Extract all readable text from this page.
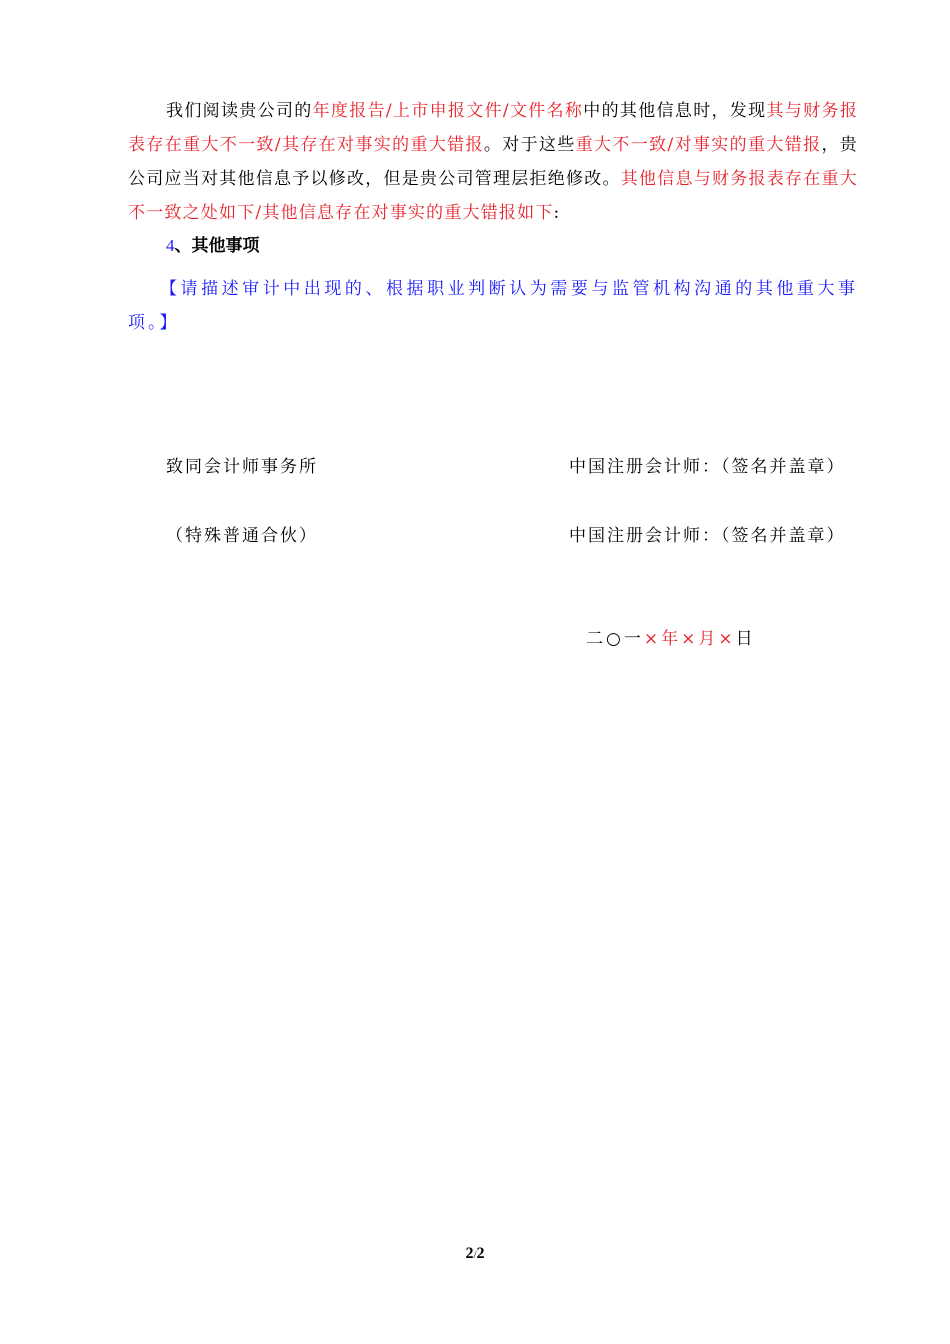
我们阅读贵公司的年度报告/上市申报文件/文件名称中的其他信息时，发现其与财务报表存在重大不一致/其存在对事实的重大错报。对于这些重大不一致/对事实的重大错报，贵公司应当对其他信息予以修改，但是贵公司管理层拒绝修改。其他信息与财务报表存在重大不一致之处如下/其他信息存在对事实的重大错报如下:
4、其他事项
【请描述审计中出现的、根据职业判断认为需要与监管机构沟通的其他重大事项。】
致同会计师事务所	中国注册会计师：（签名并盖章）
（特殊普通合伙）	中国注册会计师：（签名并盖章）
二○一×年×月×日
2/2
